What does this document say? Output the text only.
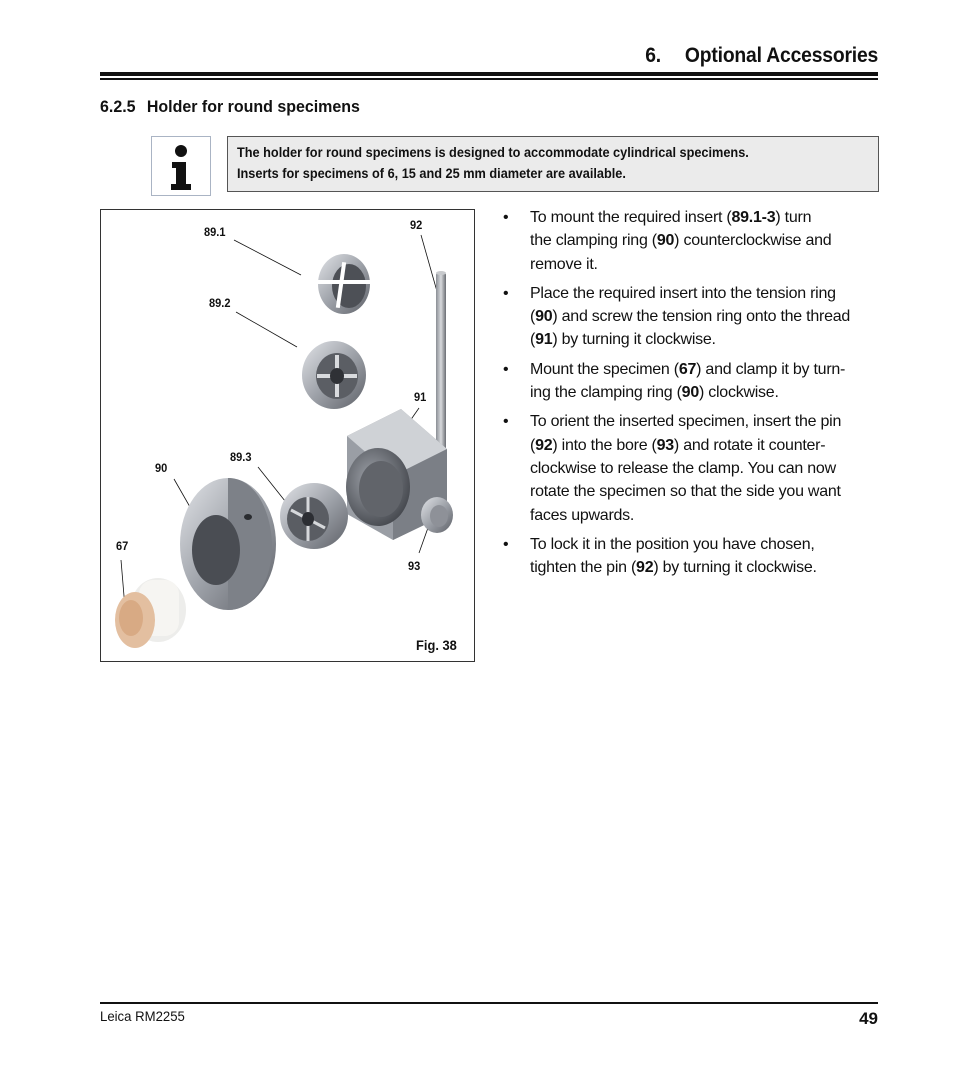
6. Optional Accessories
6.2.5 Holder for round specimens
The holder for round specimens is designed to accommodate cylindrical specimens.
Inserts for specimens of 6, 15 and 25 mm diameter are available.
89.1
89.2
92
91
89.3
90
67
93
Fig. 38
• To mount the required insert (89.1-3) turn
the clamping ring (90) counterclockwise and
remove it.
• Place the required insert into the tension ring
(90) and screw the tension ring onto the thread
(91) by turning it clockwise.
• Mount the specimen (67) and clamp it by turn-
ing the clamping ring (90) clockwise.
• To orient the inserted specimen, insert the pin
(92) into the bore (93) and rotate it counter-
clockwise to release the clamp. You can now
rotate the specimen so that the side you want
faces upwards.
• To lock it in the position you have chosen,
tighten the pin (92) by turning it clockwise.
Leica RM2255	49
